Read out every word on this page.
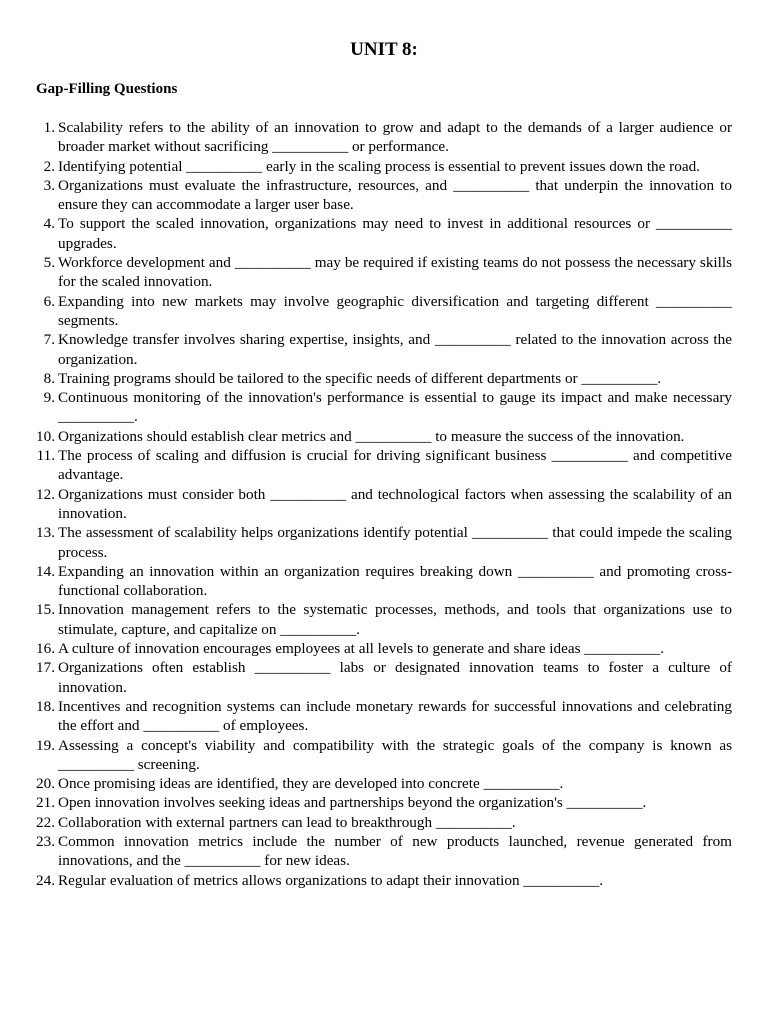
UNIT 8:
Gap-Filling Questions
1. Scalability refers to the ability of an innovation to grow and adapt to the demands of a larger audience or broader market without sacrificing __________ or performance.
2. Identifying potential __________ early in the scaling process is essential to prevent issues down the road.
3. Organizations must evaluate the infrastructure, resources, and __________ that underpin the innovation to ensure they can accommodate a larger user base.
4. To support the scaled innovation, organizations may need to invest in additional resources or __________ upgrades.
5. Workforce development and __________ may be required if existing teams do not possess the necessary skills for the scaled innovation.
6. Expanding into new markets may involve geographic diversification and targeting different __________ segments.
7. Knowledge transfer involves sharing expertise, insights, and __________ related to the innovation across the organization.
8. Training programs should be tailored to the specific needs of different departments or __________.
9. Continuous monitoring of the innovation's performance is essential to gauge its impact and make necessary __________.
10. Organizations should establish clear metrics and __________ to measure the success of the innovation.
11. The process of scaling and diffusion is crucial for driving significant business __________ and competitive advantage.
12. Organizations must consider both __________ and technological factors when assessing the scalability of an innovation.
13. The assessment of scalability helps organizations identify potential __________ that could impede the scaling process.
14. Expanding an innovation within an organization requires breaking down __________ and promoting cross-functional collaboration.
15. Innovation management refers to the systematic processes, methods, and tools that organizations use to stimulate, capture, and capitalize on __________.
16. A culture of innovation encourages employees at all levels to generate and share ideas __________.
17. Organizations often establish __________ labs or designated innovation teams to foster a culture of innovation.
18. Incentives and recognition systems can include monetary rewards for successful innovations and celebrating the effort and __________ of employees.
19. Assessing a concept's viability and compatibility with the strategic goals of the company is known as __________ screening.
20. Once promising ideas are identified, they are developed into concrete __________.
21. Open innovation involves seeking ideas and partnerships beyond the organization's __________.
22. Collaboration with external partners can lead to breakthrough __________.
23. Common innovation metrics include the number of new products launched, revenue generated from innovations, and the __________ for new ideas.
24. Regular evaluation of metrics allows organizations to adapt their innovation __________.
